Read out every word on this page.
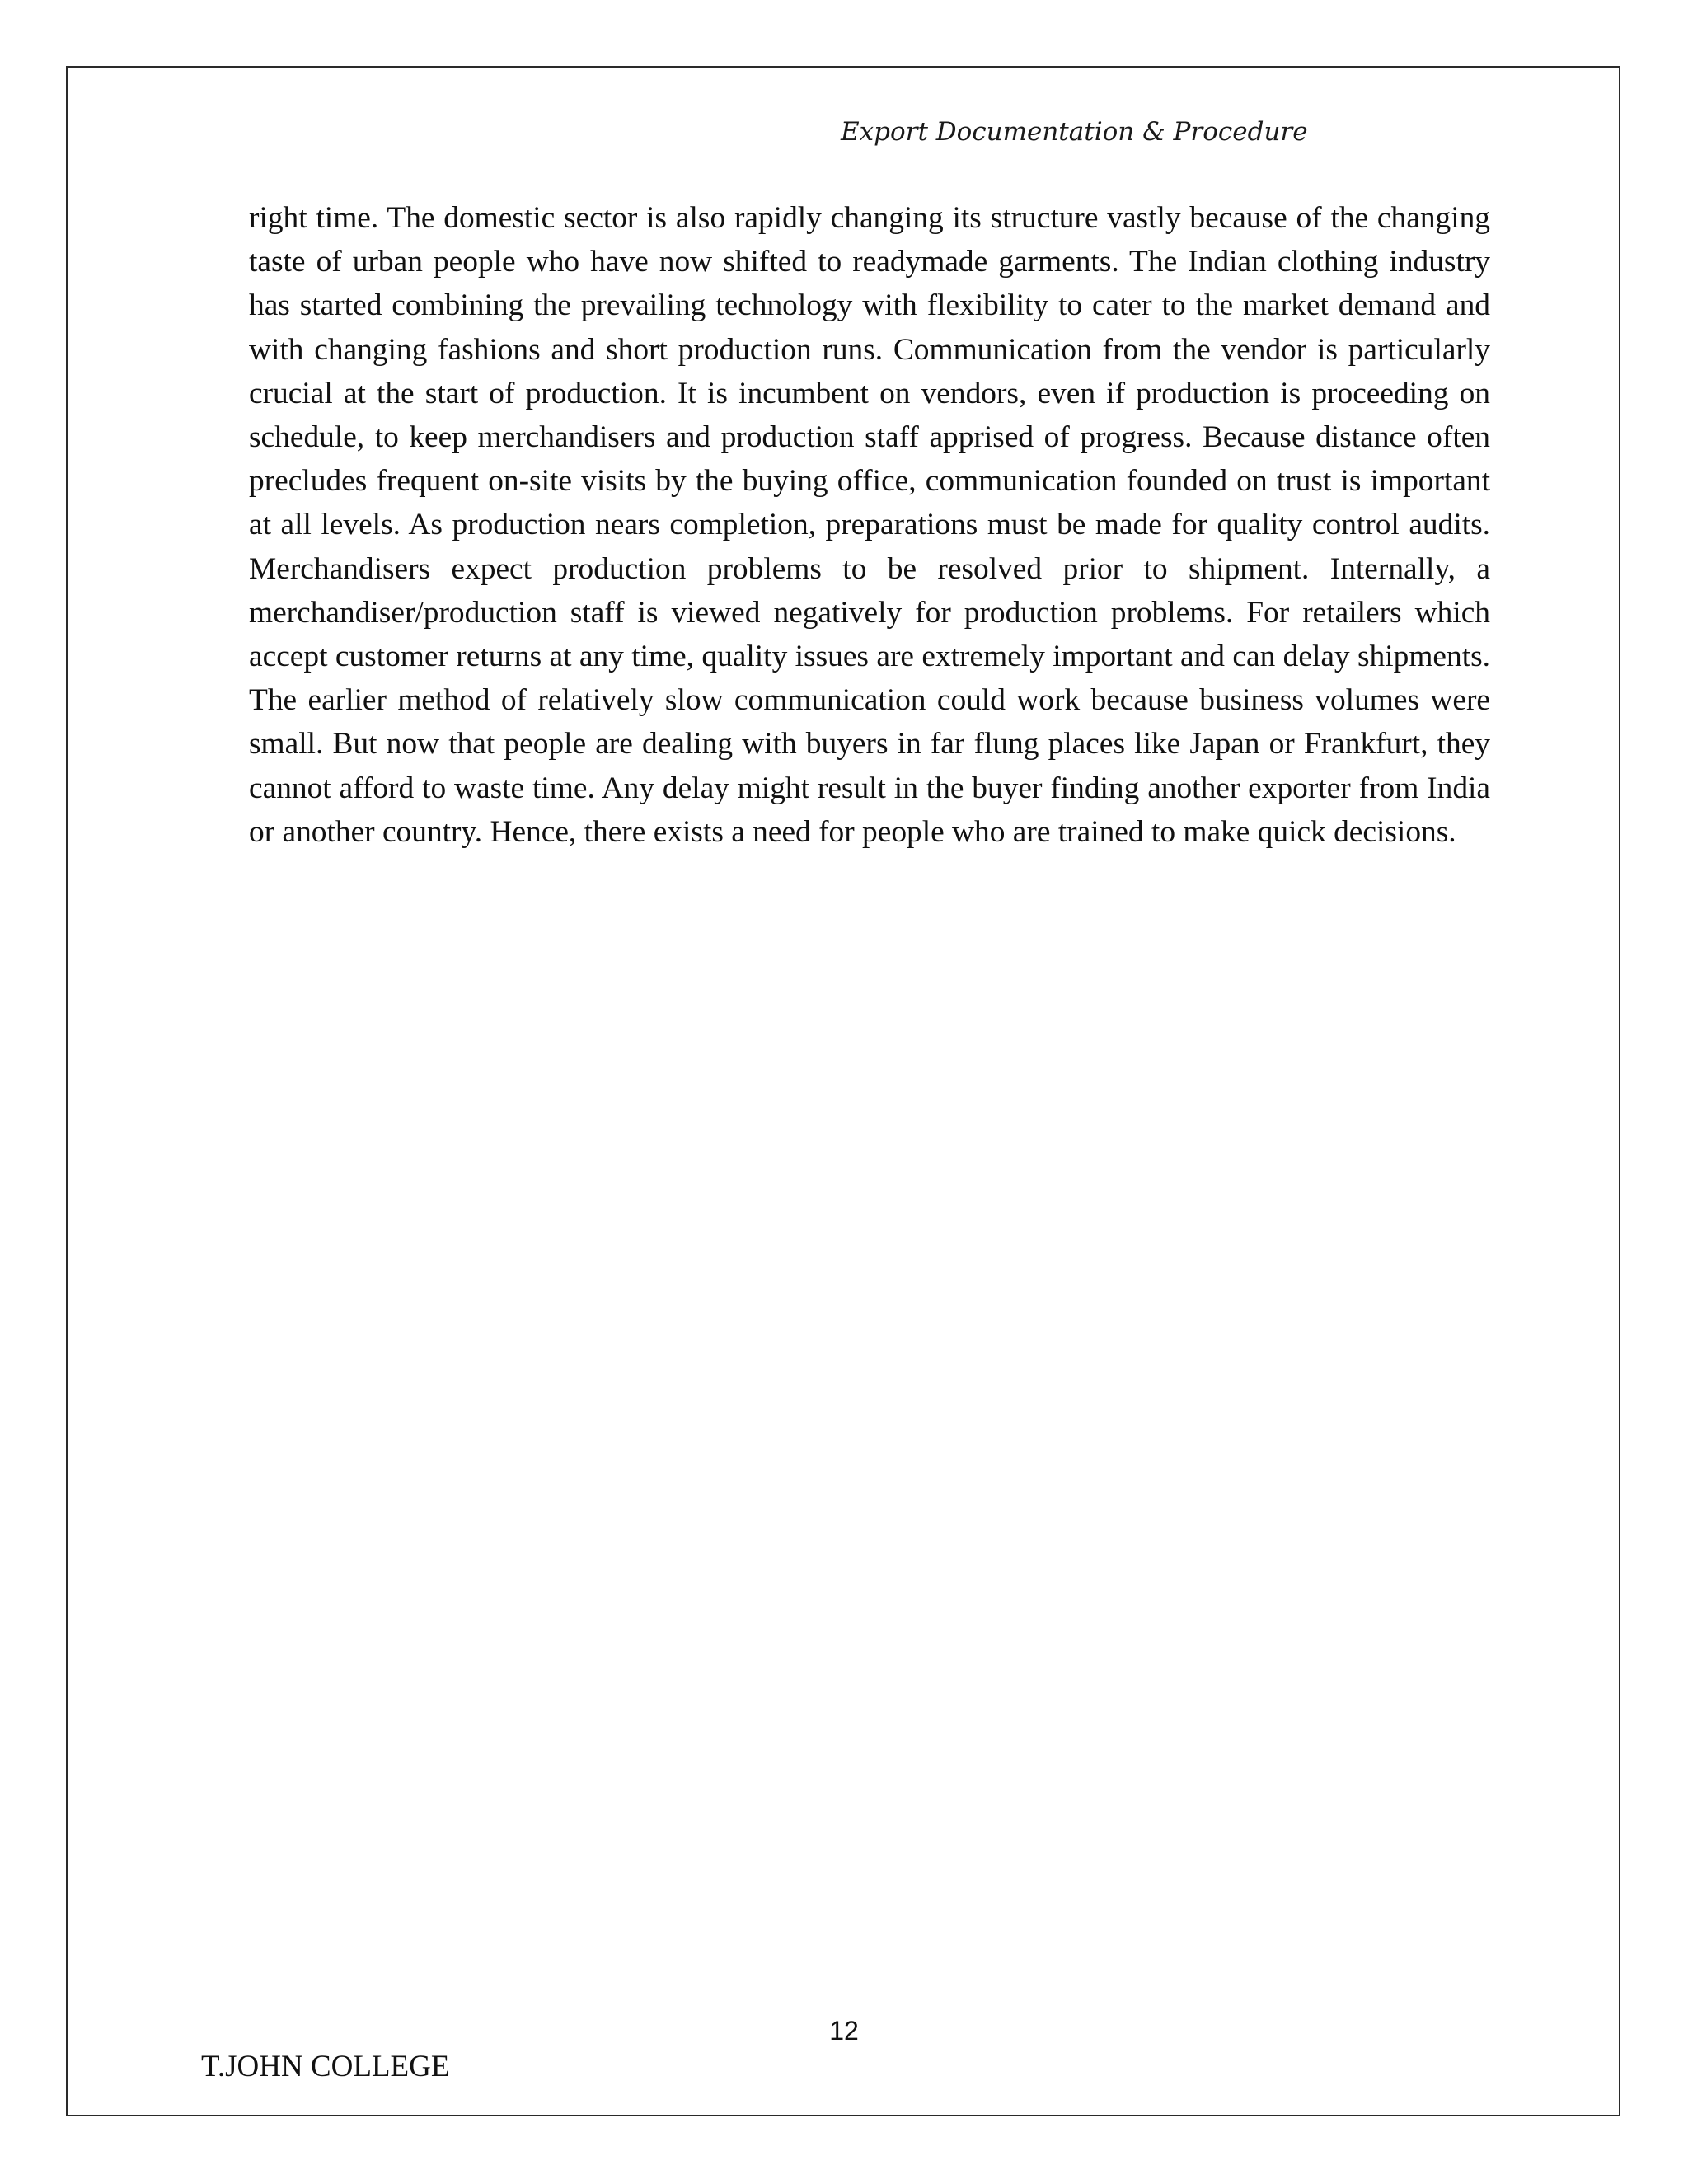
Export Documentation & Procedure

right time. The domestic sector is also rapidly changing its structure vastly because of the changing taste of urban people who have now shifted to readymade garments. The Indian clothing industry has started combining the prevailing technology with flexibility to cater to the market demand and with changing fashions and short production runs. Communication from the vendor is particularly crucial at the start of production. It is incumbent on vendors, even if production is proceeding on schedule, to keep merchandisers and production staff apprised of progress. Because distance often precludes frequent on-site visits by the buying office, communication founded on trust is important at all levels. As production nears completion, preparations must be made for quality control audits. Merchandisers expect production problems to be resolved prior to shipment. Internally, a merchandiser/production staff is viewed negatively for production problems. For retailers which accept customer returns at any time, quality issues are extremely important and can delay shipments. The earlier method of relatively slow communication could work because business volumes were small. But now that people are dealing with buyers in far flung places like Japan or Frankfurt, they cannot afford to waste time. Any delay might result in the buyer finding another exporter from India or another country. Hence, there exists a need for people who are trained to make quick decisions.

12
T.JOHN COLLEGE
